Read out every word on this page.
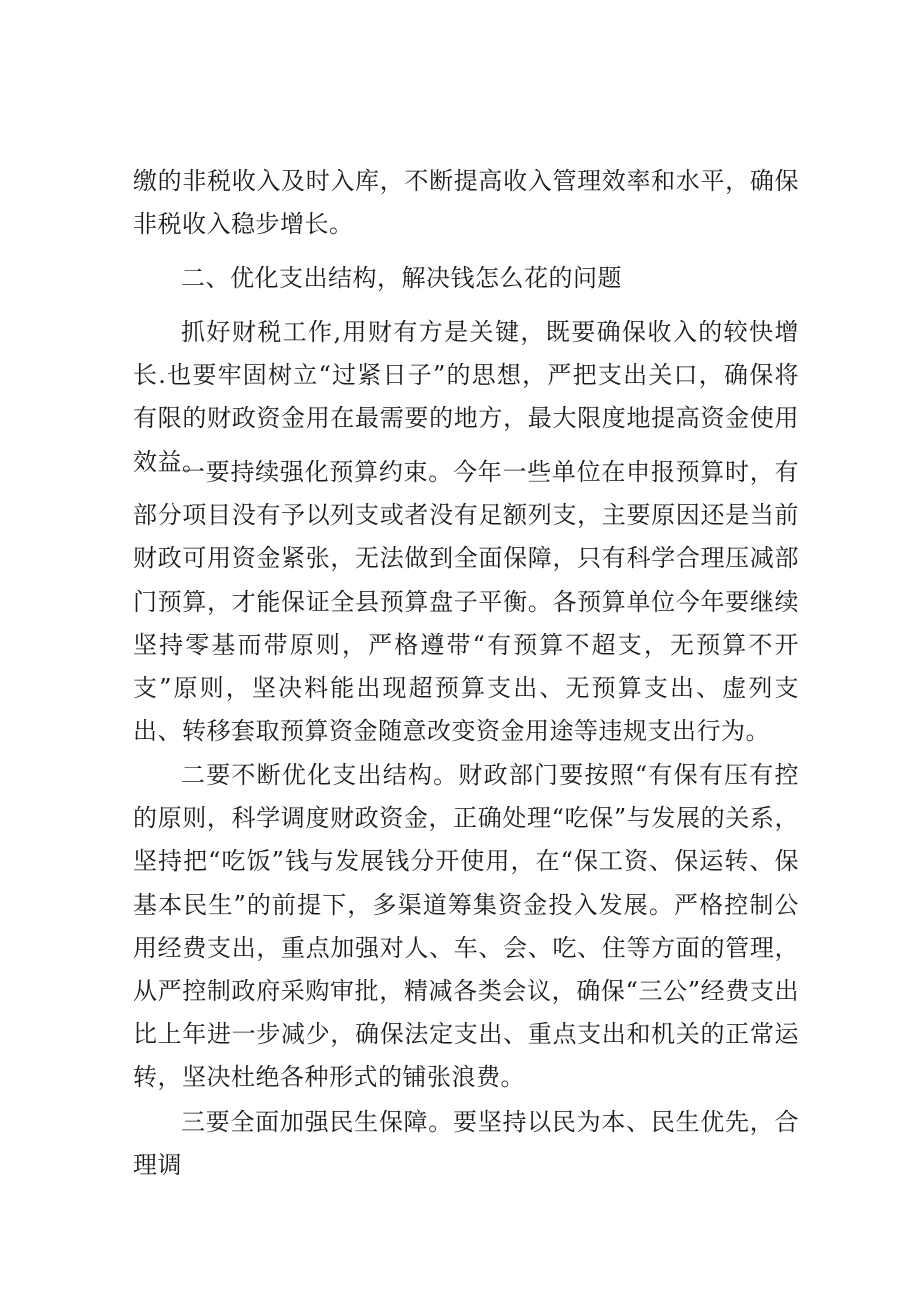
缴的非税收入及时入库，不断提高收入管理效率和水平，确保非税收入稳步增长。

二、优化支出结构，解决钱怎么花的问题

抓好财税工作,用财有方是关键，既要确保收入的较快增长.也要牢固树立“过紧日子”的思想，严把支出关口，确保将有限的财政资金用在最需要的地方，最大限度地提高资金使用效益。

一要持续强化预算约束。今年一些单位在申报预算时，有部分项目没有予以列支或者没有足额列支，主要原因还是当前财政可用资金紧张，无法做到全面保障，只有科学合理压减部门预算，才能保证全县预算盘子平衡。各预算单位今年要继续坚持零基而带原则，严格遵带“有预算不超支，无预算不开支”原则，坚决料能出现超预算支出、无预算支出、虚列支出、转移套取预算资金随意改变资金用途等违规支出行为。

二要不断优化支出结构。财政部门要按照“有保有压有控的原则，科学调度财政资金，正确处理“吃保”与发展的关系，坚持把“吃饭”钱与发展钱分开使用，在“保工资、保运转、保基本民生”的前提下，多渠道筹集资金投入发展。严格控制公用经费支出，重点加强对人、车、会、吃、住等方面的管理，从严控制政府采购审批，精减各类会议，确保“三公”经费支出比上年进一步减少，确保法定支出、重点支出和机关的正常运转，坚决杜绝各种形式的铺张浪费。

三要全面加强民生保障。要坚持以民为本、民生优先，合理调
